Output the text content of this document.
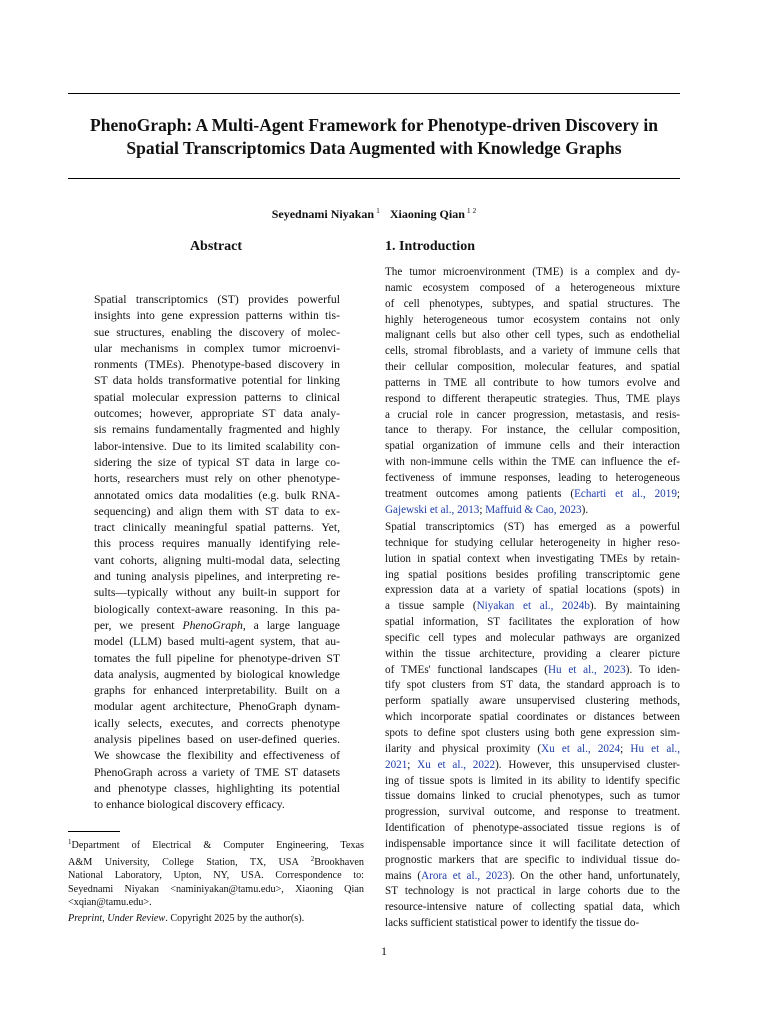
PhenoGraph: A Multi-Agent Framework for Phenotype-driven Discovery in
Spatial Transcriptomics Data Augmented with Knowledge Graphs
Seyednami Niyakan $^1$ Xiaoning Qian $^{1 2}$
Abstract
Spatial transcriptomics (ST) provides powerful
insights into gene expression patterns within tis-
sue structures, enabling the discovery of molec-
ular mechanisms in complex tumor microenvi-
ronments (TMEs). Phenotype-based discovery in
ST data holds transformative potential for linking
spatial molecular expression patterns to clinical
outcomes; however, appropriate ST data analy-
sis remains fundamentally fragmented and highly
labor-intensive. Due to its limited scalability con-
sidering the size of typical ST data in large co-
horts, researchers must rely on other phenotype-
annotated omics data modalities (e.g. bulk RNA-
sequencing) and align them with ST data to ex-
tract clinically meaningful spatial patterns. Yet,
this process requires manually identifying rele-
vant cohorts, aligning multi-modal data, selecting
and tuning analysis pipelines, and interpreting re-
sults—typically without any built-in support for
biologically context-aware reasoning. In this pa-
per, we present PhenoGraph, a large language
model (LLM) based multi-agent system, that au-
tomates the full pipeline for phenotype-driven ST
data analysis, augmented by biological knowledge
graphs for enhanced interpretability. Built on a
modular agent architecture, PhenoGraph dynam-
ically selects, executes, and corrects phenotype
analysis pipelines based on user-defined queries.
We showcase the flexibility and effectiveness of
PhenoGraph across a variety of TME ST datasets
and phenotype classes, highlighting its potential
to enhance biological discovery efficacy.
$^1$Department of Electrical & Computer Engineering, Texas
A&M University, College Station, TX, USA $^2$Brookhaven
National Laboratory, Upton, NY, USA. Correspondence to:
Seyednami Niyakan <naminiyakan@tamu.edu>, Xiaoning Qian
<xqian@tamu.edu>.
Preprint, Under Review. Copyright 2025 by the author(s).
1. Introduction
The tumor microenvironment (TME) is a complex and dy-
namic ecosystem composed of a heterogeneous mixture
of cell phenotypes, subtypes, and spatial structures. The
highly heterogeneous tumor ecosystem contains not only
malignant cells but also other cell types, such as endothelial
cells, stromal fibroblasts, and a variety of immune cells that
their cellular composition, molecular features, and spatial
patterns in TME all contribute to how tumors evolve and
respond to different therapeutic strategies. Thus, TME plays
a crucial role in cancer progression, metastasis, and resis-
tance to therapy. For instance, the cellular composition,
spatial organization of immune cells and their interaction
with non-immune cells within the TME can influence the ef-
fectiveness of immune responses, leading to heterogeneous
treatment outcomes among patients (Echarti et al., 2019;
Gajewski et al., 2013; Maffuid & Cao, 2023).
Spatial transcriptomics (ST) has emerged as a powerful
technique for studying cellular heterogeneity in higher reso-
lution in spatial context when investigating TMEs by retain-
ing spatial positions besides profiling transcriptomic gene
expression data at a variety of spatial locations (spots) in
a tissue sample (Niyakan et al., 2024b). By maintaining
spatial information, ST facilitates the exploration of how
specific cell types and molecular pathways are organized
within the tissue architecture, providing a clearer picture
of TMEs' functional landscapes (Hu et al., 2023). To iden-
tify spot clusters from ST data, the standard approach is to
perform spatially aware unsupervised clustering methods,
which incorporate spatial coordinates or distances between
spots to define spot clusters using both gene expression sim-
ilarity and physical proximity (Xu et al., 2024; Hu et al.,
2021; Xu et al., 2022). However, this unsupervised cluster-
ing of tissue spots is limited in its ability to identify specific
tissue domains linked to crucial phenotypes, such as tumor
progression, survival outcome, and response to treatment.
Identification of phenotype-associated tissue regions is of
indispensable importance since it will facilitate detection of
prognostic markers that are specific to individual tissue do-
mains (Arora et al., 2023). On the other hand, unfortunately,
ST technology is not practical in large cohorts due to the
resource-intensive nature of collecting spatial data, which
lacks sufficient statistical power to identify the tissue do-
1
